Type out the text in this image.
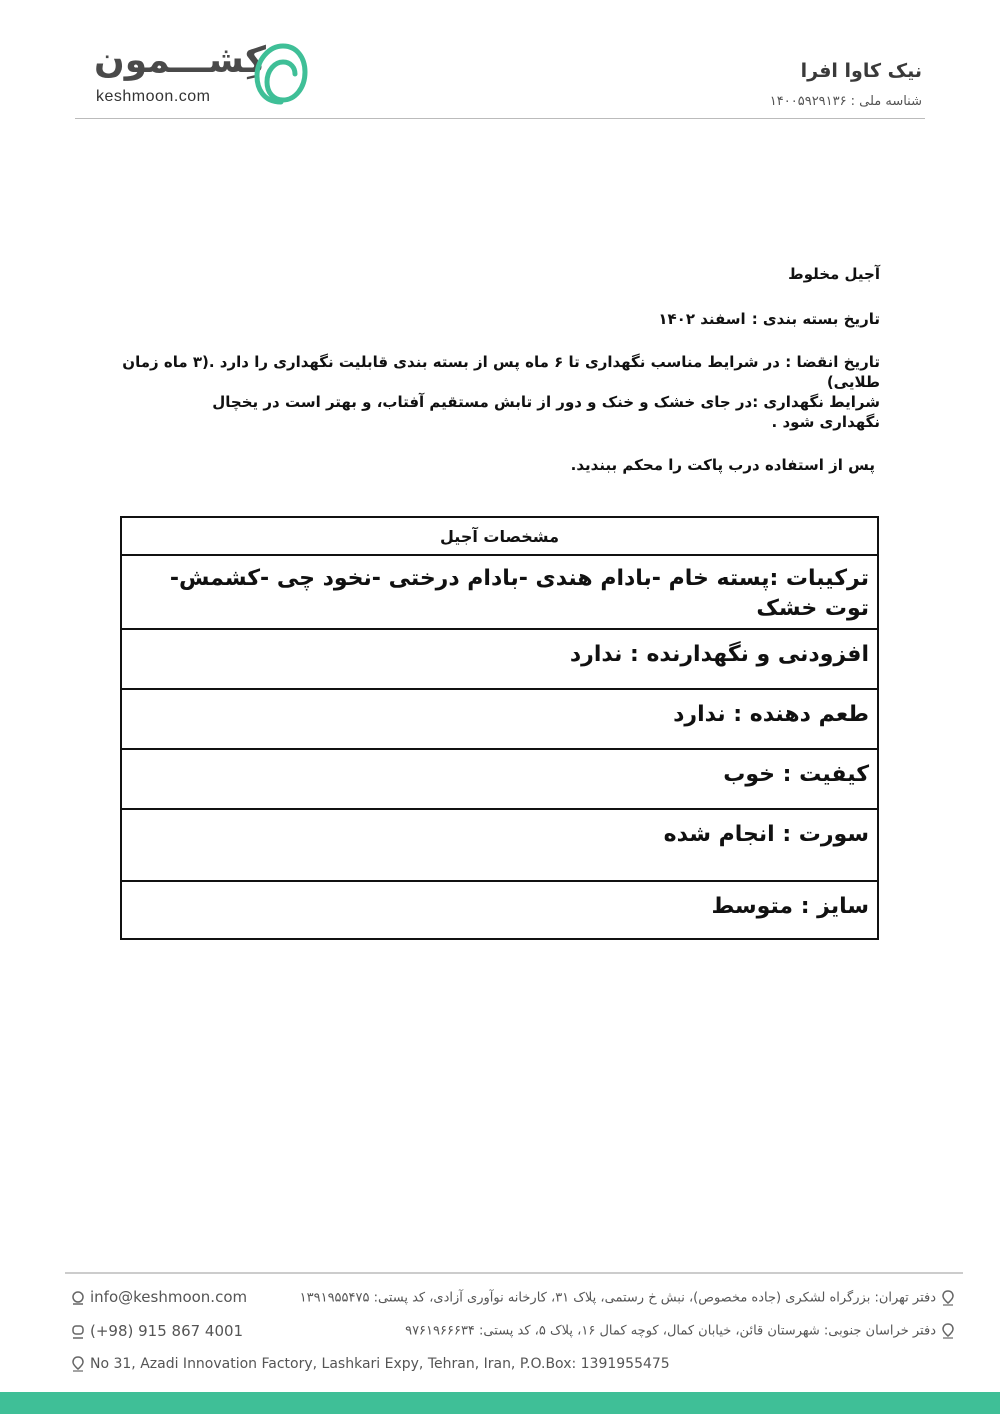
کِشـــمون
keshmoon.com
نیک کاوا افرا
شناسه ملی :۱۴۰۰۵۹۲۹۱۳۶
آجیل مخلوط
تاریخ بسته بندی :اسفند ۱۴۰۲
تاریخ انقضا : در شرایط مناسب نگهداری تا ۶ ماه پس از بسته بندی قابلیت نگهداری را دارد .(۳ ماه زمان طلایی)
شرایط نگهداری :در جای خشک و خنک و دور از تابش مستقیم آفتاب، و بهتر است در یخچال نگهداری شود .
پس از استفاده درب پاکت را محکم ببندید.
مشخصات آجیل
ترکیبات :پسته خام -بادام هندی -بادام درختی -نخود چی -کشمش-توت خشک
افزودنی و نگهدارنده : ندارد
طعم دهنده : ندارد
کیفیت : خوب
سورت : انجام شده
سایز : متوسط
info@keshmoon.com
(+98) 915 867 4001
No 31, Azadi Innovation Factory, Lashkari Expy, Tehran, Iran, P.O.Box: 1391955475
دفتر تهران: بزرگراه لشکری (جاده مخصوص)، نبش خ رستمی، پلاک ۳۱، کارخانه نوآوری آزادی، کد پستی: ۱۳۹۱۹۵۵۴۷۵
دفتر خراسان جنوبی: شهرستان قائن، خیابان کمال، کوچه کمال ۱۶، پلاک ۵، کد پستی: ۹۷۶۱۹۶۶۶۳۴
